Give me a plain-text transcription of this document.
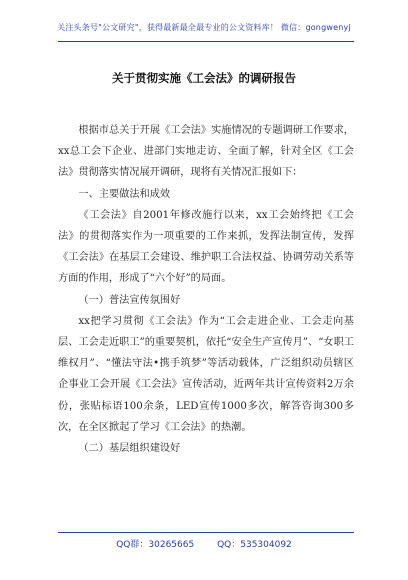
关注头条号"公文研究"，获得最新最全最专业的公文资料库！ 微信：gongwenyj
关于贯彻实施《工会法》的调研报告

根据市总关于开展《工会法》实施情况的专题调研工作要求，xx总工会下企业、进部门实地走访、全面了解，针对全区《工会法》贯彻落实情况展开调研，现将有关情况汇报如下：

一、主要做法和成效

《工会法》自2001年修改施行以来，xx工会始终把《工会法》的贯彻落实作为一项重要的工作来抓，发挥法制宣传，发挥《工会法》在基层工会建设、维护职工合法权益、协调劳动关系等方面的作用，形成了“六个好”的局面。

（一）普法宣传氛围好

xx把学习贯彻《工会法》作为“工会走进企业、工会走向基层、工会走近职工”的重要契机，依托“安全生产宣传月”、“女职工维权月”、“懂法守法•携手筑梦”等活动载体，广泛组织动员辖区企事业工会开展《工会法》宣传活动，近两年共计宣传资料2万余份，张贴标语100余条，LED宣传1000多次，解答咨询300多次，在全区掀起了学习《工会法》的热潮。

（二）基层组织建设好

QQ群：30265665	QQ：535304092
